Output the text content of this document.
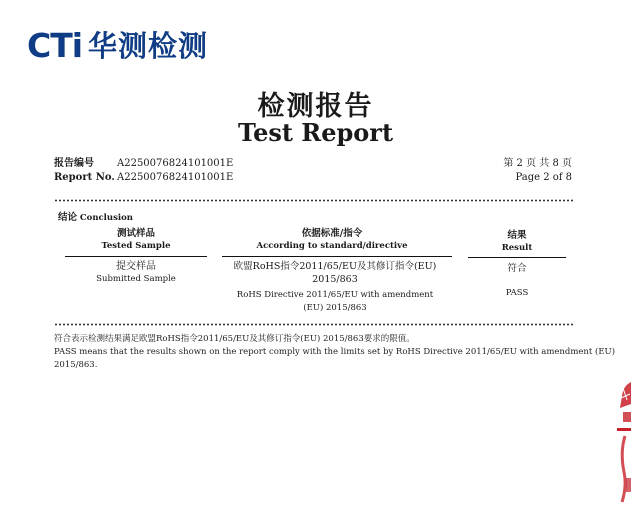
CTi 华测检测
检测报告
Test Report
报告编号
Report No.
A2250076824101001E
A2250076824101001E
第 2 页 共 8 页
Page 2 of 8
结论 Conclusion
测试样品
Tested Sample
依据标准/指令
According to standard/directive
结果
Result
提交样品
Submitted Sample
欧盟RoHS指令2011/65/EU及其修订指令(EU)
2015/863
RoHS Directive 2011/65/EU with amendment
(EU) 2015/863
符合
PASS
符合表示检测结果满足欧盟RoHS指令2011/65/EU及其修订指令(EU) 2015/863要求的限值。
PASS means that the results shown on the report comply with the limits set by RoHS Directive 2011/65/EU with amendment (EU)
2015/863.
